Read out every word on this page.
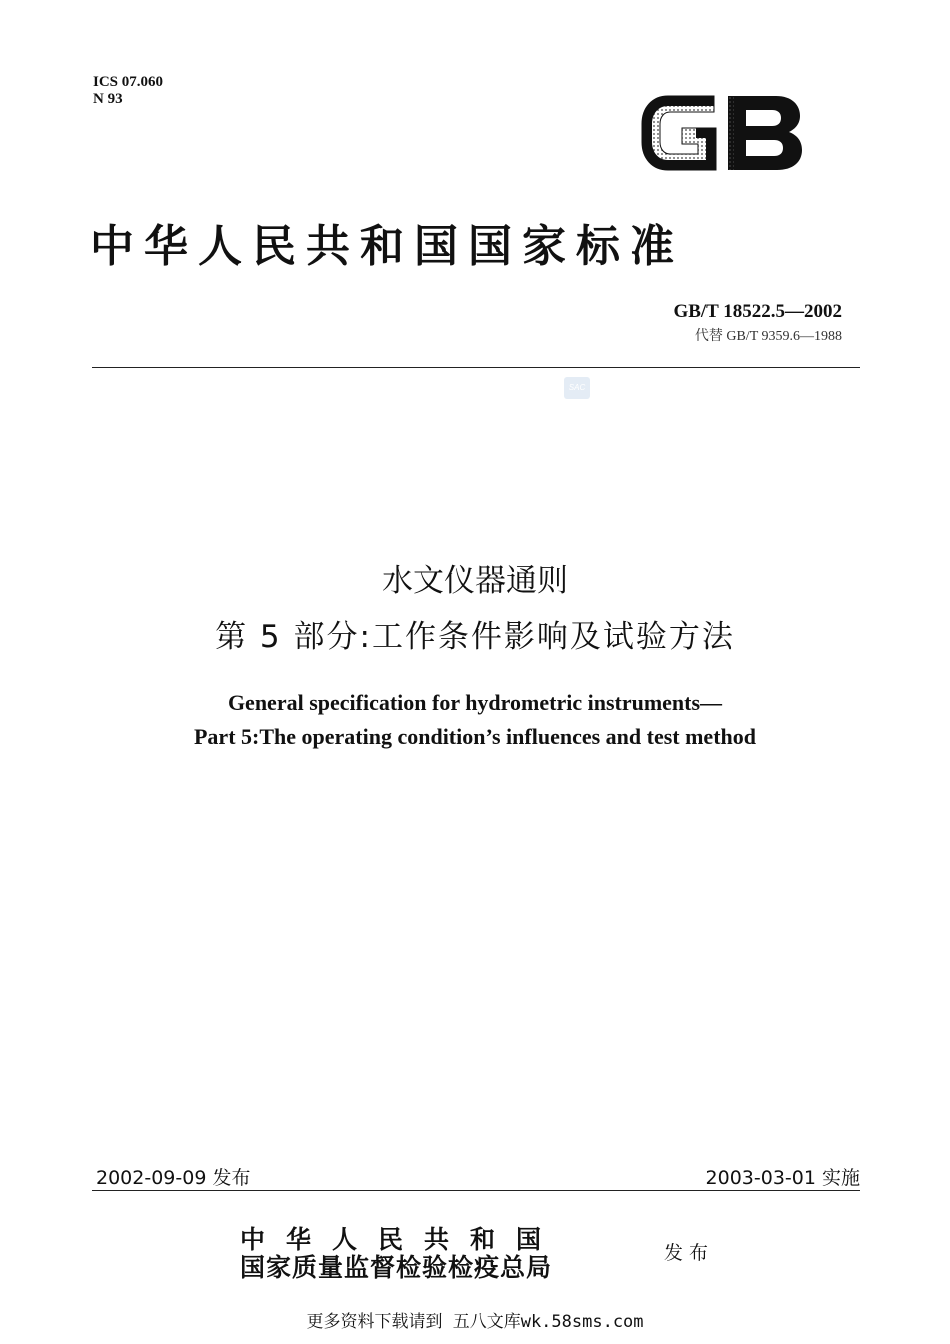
ICS 07.060
N 93
中华人民共和国国家标准
GB/T 18522.5—2002
代替 GB/T 9359.6—1988
SAC
水文仪器通则
第 5 部分:工作条件影响及试验方法
General specification for hydrometric instruments—
Part 5:The operating condition’s influences and test method
2002-09-09 发布	2003-03-01 实施
中华人民共和国
国家质量监督检验检疫总局	发布
更多资料下载请到 五八文库wk.58sms.com
